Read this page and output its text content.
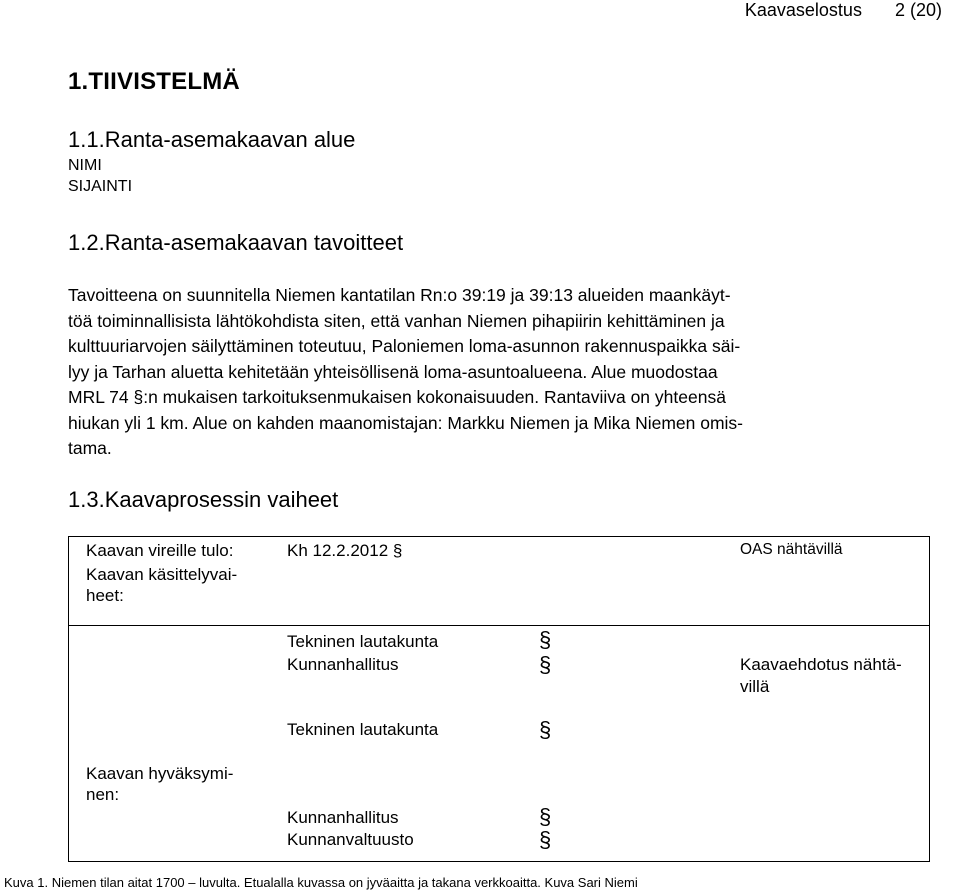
Kaavaselostus 2 (20)
1.TIIVISTELMÄ
1.1.Ranta-asemakaavan alue
NIMI
SIJAINTI
1.2.Ranta-asemakaavan tavoitteet
Tavoitteena on suunnitella Niemen kantatilan Rn:o 39:19 ja 39:13 alueiden maankäyt-
töä toiminnallisista lähtökohdista siten, että vanhan Niemen pihapiirin kehittäminen ja
kulttuuriarvojen säilyttäminen toteutuu, Paloniemen loma-asunnon rakennuspaikka säi-
lyy ja Tarhan aluetta kehitetään yhteisöllisenä loma-asuntoalueena. Alue muodostaa
MRL 74 §:n mukaisen tarkoituksenmukaisen kokonaisuuden. Rantaviiva on yhteensä
hiukan yli 1 km. Alue on kahden maanomistajan: Markku Niemen ja Mika Niemen omis-
tama.
1.3.Kaavaprosessin vaiheet
Kaavan vireille tulo:	Kh 12.2.2012 §	OAS nähtävillä
Kaavan käsittelyvai-
heet:
Tekninen lautakunta	§
Kunnanhallitus	§	Kaavaehdotus nähtä-
villä
Tekninen lautakunta	§
Kaavan hyväksymi-
nen:
Kunnanhallitus	§
Kunnanvaltuusto	§
Kuva 1. Niemen tilan aitat 1700 – luvulta. Etualalla kuvassa on jyväaitta ja takana verkkoaitta. Kuva Sari Niemi
